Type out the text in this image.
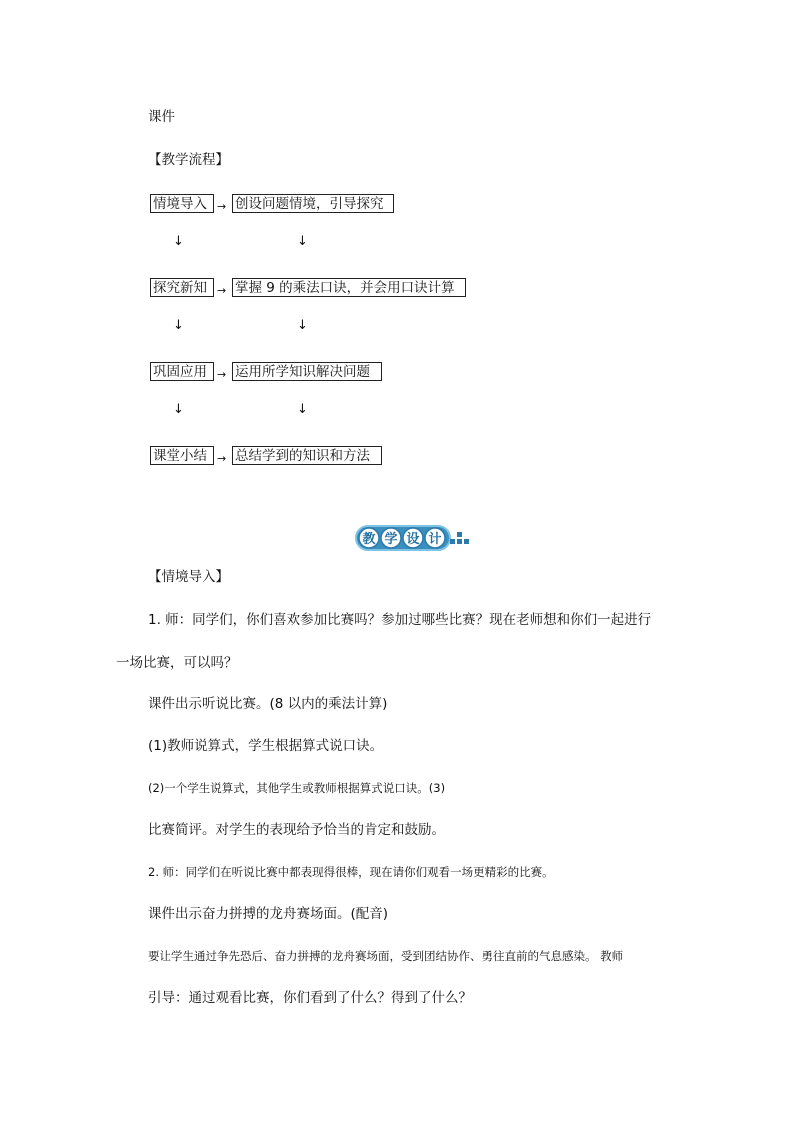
课件
【教学流程】
情境导入 → 创设问题情境，引导探究
↓	↓
探究新知 → 掌握 9 的乘法口诀，并会用口诀计算
↓	↓
巩固应用 → 运用所学知识解决问题
↓	↓
课堂小结 → 总结学到的知识和方法
教 学 设 计
【情境导入】
1. 师：同学们，你们喜欢参加比赛吗？参加过哪些比赛？现在老师想和你们一起进行
一场比赛，可以吗？
课件出示听说比赛。(8 以内的乘法计算)
(1)教师说算式，学生根据算式说口诀。
(2)一个学生说算式，其他学生或教师根据算式说口诀。(3)
比赛简评。对学生的表现给予恰当的肯定和鼓励。
2. 师：同学们在听说比赛中都表现得很棒，现在请你们观看一场更精彩的比赛。
课件出示奋力拼搏的龙舟赛场面。(配音)
要让学生通过争先恐后、奋力拼搏的龙舟赛场面，受到团结协作、勇往直前的气息感染。 教师
引导：通过观看比赛，你们看到了什么？得到了什么？
